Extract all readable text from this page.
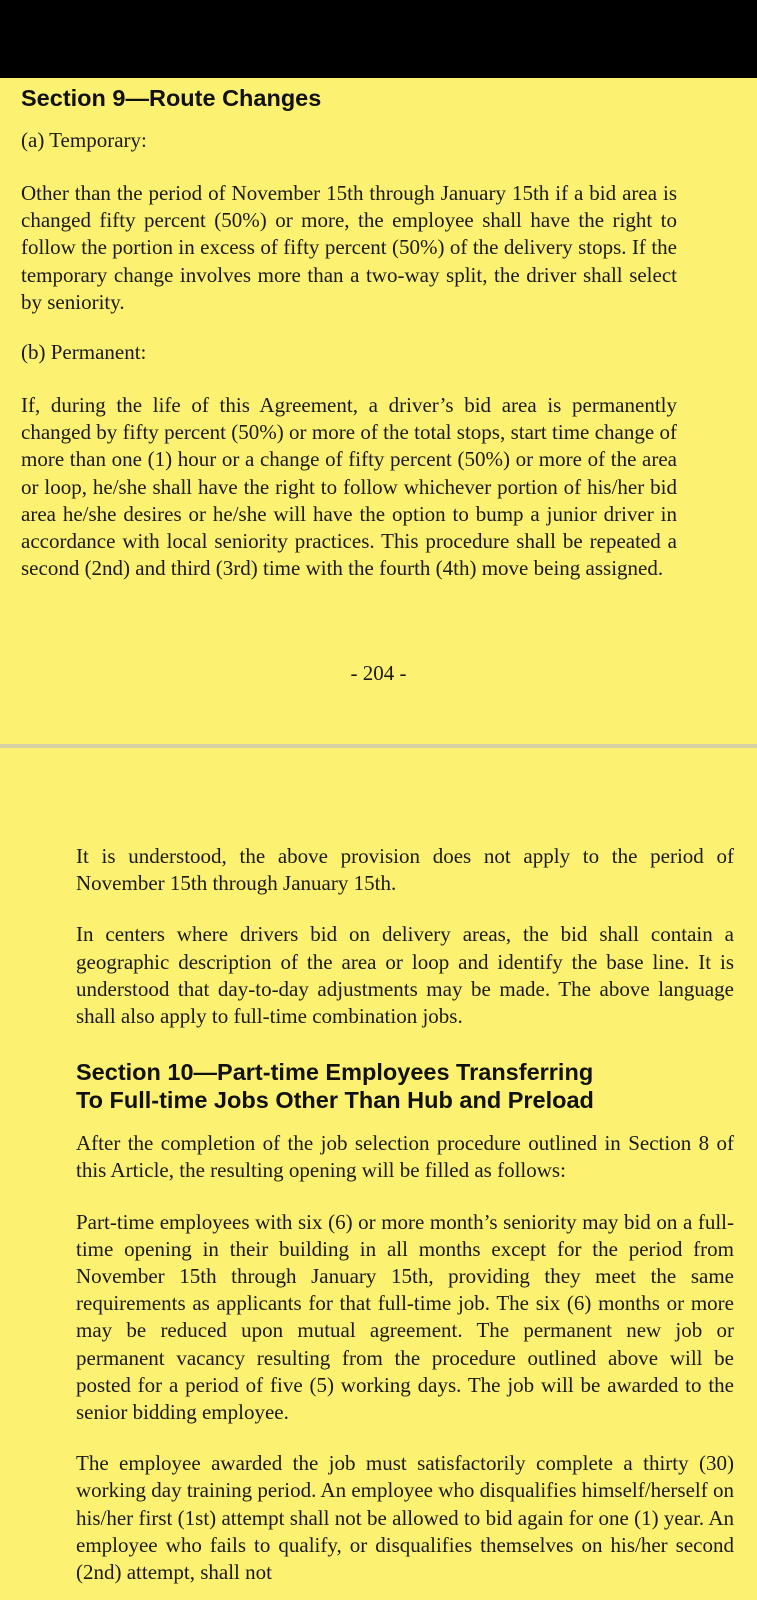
Section 9—Route Changes

(a) Temporary:

Other than the period of November 15th through January 15th if a bid area is changed fifty percent (50%) or more, the employee shall have the right to follow the portion in excess of fifty percent (50%) of the delivery stops. If the temporary change involves more than a two-way split, the driver shall select by seniority.

(b) Permanent:

If, during the life of this Agreement, a driver’s bid area is permanently changed by fifty percent (50%) or more of the total stops, start time change of more than one (1) hour or a change of fifty percent (50%) or more of the area or loop, he/she shall have the right to follow whichever portion of his/her bid area he/she desires or he/she will have the option to bump a junior driver in accordance with local seniority practices. This procedure shall be repeated a second (2nd) and third (3rd) time with the fourth (4th) move being assigned.

- 204 -

It is understood, the above provision does not apply to the period of November 15th through January 15th.

In centers where drivers bid on delivery areas, the bid shall contain a geographic description of the area or loop and identify the base line. It is understood that day-to-day adjustments may be made. The above language shall also apply to full-time combination jobs.

Section 10—Part-time Employees Transferring
To Full-time Jobs Other Than Hub and Preload

After the completion of the job selection procedure outlined in Section 8 of this Article, the resulting opening will be filled as follows:

Part-time employees with six (6) or more month’s seniority may bid on a full-time opening in their building in all months except for the period from November 15th through January 15th, providing they meet the same requirements as applicants for that full-time job. The six (6) months or more may be reduced upon mutual agreement. The permanent new job or permanent vacancy resulting from the procedure outlined above will be posted for a period of five (5) working days. The job will be awarded to the senior bidding employee.

The employee awarded the job must satisfactorily complete a thirty (30) working day training period. An employee who disqualifies himself/herself on his/her first (1st) attempt shall not be allowed to bid again for one (1) year. An employee who fails to qualify, or disqualifies themselves on his/her second (2nd) attempt, shall not
